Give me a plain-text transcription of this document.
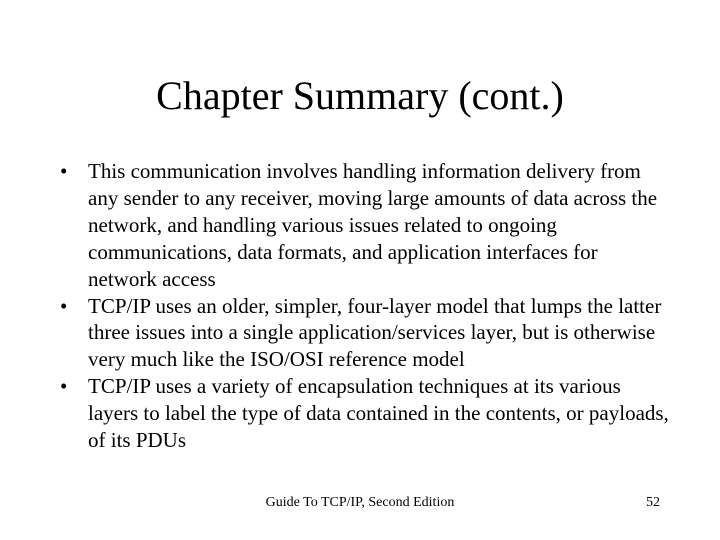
Chapter Summary (cont.)
• This communication involves handling information delivery from any sender to any receiver, moving large amounts of data across the network, and handling various issues related to ongoing communications, data formats, and application interfaces for network access
• TCP/IP uses an older, simpler, four-layer model that lumps the latter three issues into a single application/services layer, but is otherwise very much like the ISO/OSI reference model
• TCP/IP uses a variety of encapsulation techniques at its various layers to label the type of data contained in the contents, or payloads, of its PDUs
Guide To TCP/IP, Second Edition	52
